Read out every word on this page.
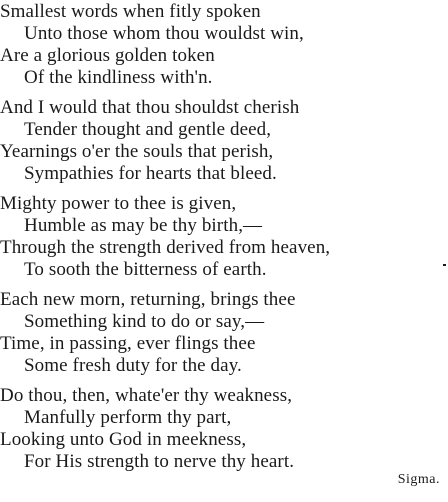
Smallest words when fitly spoken
Unto those whom thou wouldst win,
Are a glorious golden token
Of the kindliness with'n.
And I would that thou shouldst cherish
Tender thought and gentle deed,
Yearnings o'er the souls that perish,
Sympathies for hearts that bleed.
Mighty power to thee is given,
Humble as may be thy birth,—
Through the strength derived from heaven,
To sooth the bitterness of earth.
Each new morn, returning, brings thee
Something kind to do or say,—
Time, in passing, ever flings thee
Some fresh duty for the day.
Do thou, then, whate'er thy weakness,
Manfully perform thy part,
Looking unto God in meekness,
For His strength to nerve thy heart.
Sigma.
